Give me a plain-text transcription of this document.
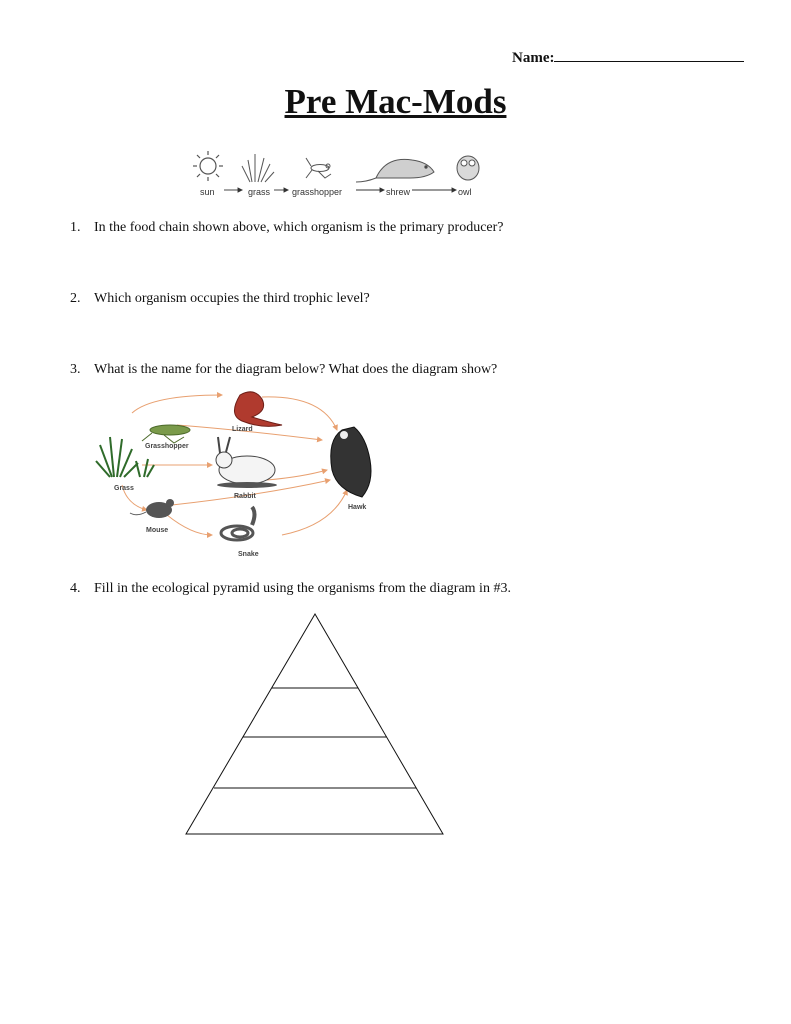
Name:
Pre Mac-Mods
sun	grass grasshopper	shrew	owl
1. In the food chain shown above, which organism is the primary producer?
2. Which organism occupies the third trophic level?
3. What is the name for the diagram below? What does the diagram show?
Grasshopper
Lizard
Grass
Rabbit
Hawk
Mouse
Snake
4. Fill in the ecological pyramid using the organisms from the diagram in #3.
